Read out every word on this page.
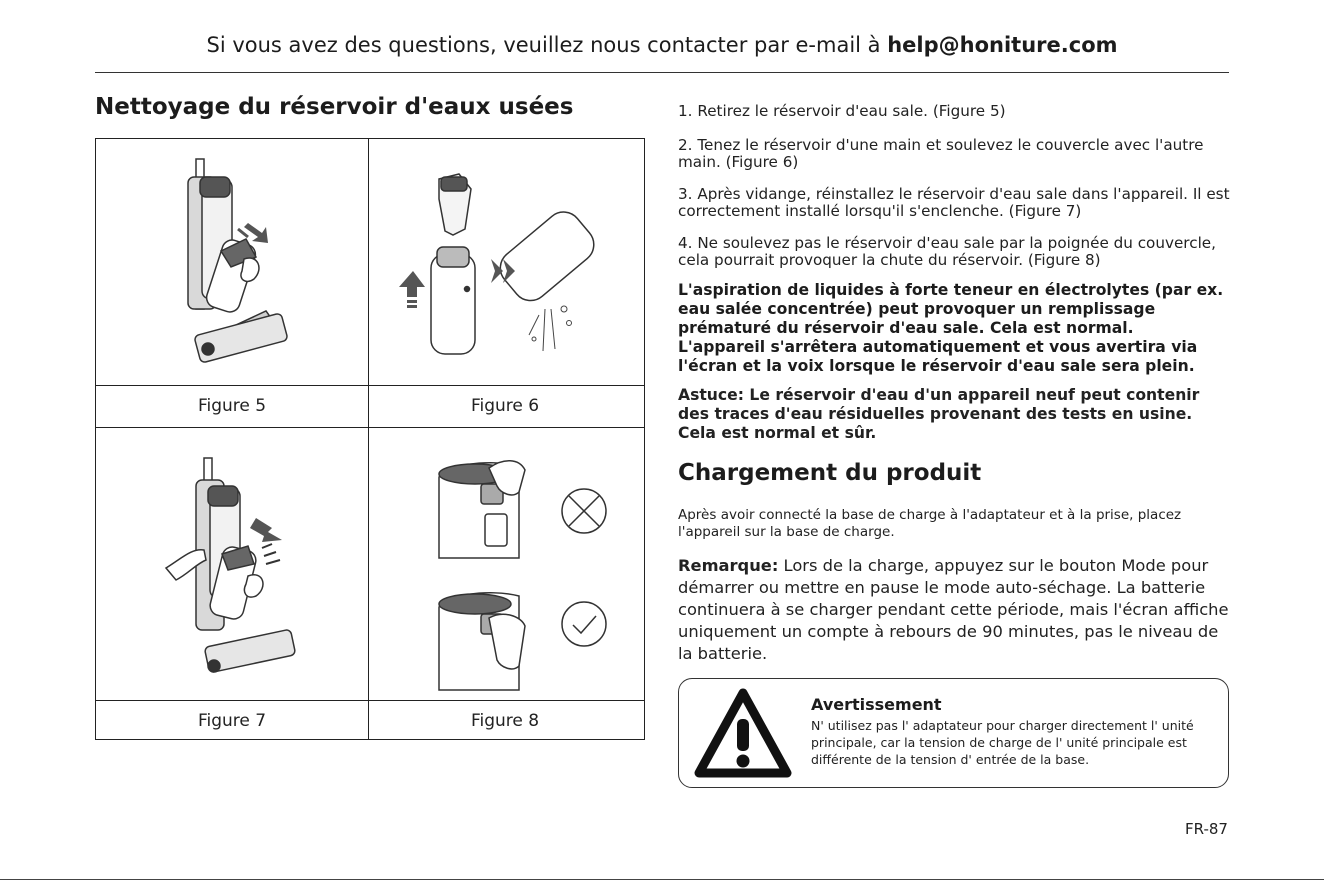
Si vous avez des questions, veuillez nous contacter par e-mail à help@honiture.com
Nettoyage du réservoir d'eaux usées
Figure 5	Figure 6
Figure 7	Figure 8

1. Retirez le réservoir d'eau sale. (Figure 5)

2. Tenez le réservoir d'une main et soulevez le couvercle avec l'autre main. (Figure 6)

3. Après vidange, réinstallez le réservoir d'eau sale dans l'appareil. Il est correctement installé lorsqu'il s'enclenche. (Figure 7)

4. Ne soulevez pas le réservoir d'eau sale par la poignée du couvercle, cela pourrait provoquer la chute du réservoir. (Figure 8)

L'aspiration de liquides à forte teneur en électrolytes (par ex. eau salée concentrée) peut provoquer un remplissage prématuré du réservoir d'eau sale. Cela est normal.

L'appareil s'arrêtera automatiquement et vous avertira via l'écran et la voix lorsque le réservoir d'eau sale sera plein.

Astuce: Le réservoir d'eau d'un appareil neuf peut contenir des traces d'eau résiduelles provenant des tests en usine. Cela est normal et sûr.

Chargement du produit

Après avoir connecté la base de charge à l'adaptateur et à la prise, placez l'appareil sur la base de charge.

Remarque: Lors de la charge, appuyez sur le bouton Mode pour démarrer ou mettre en pause le mode auto-séchage. La batterie continuera à se charger pendant cette période, mais l'écran affiche uniquement un compte à rebours de 90 minutes, pas le niveau de la batterie.

Avertissement
N' utilisez pas l' adaptateur pour charger directement l' unité principale, car la tension de charge de l' unité principale est différente de la tension d' entrée de la base.
FR-87
